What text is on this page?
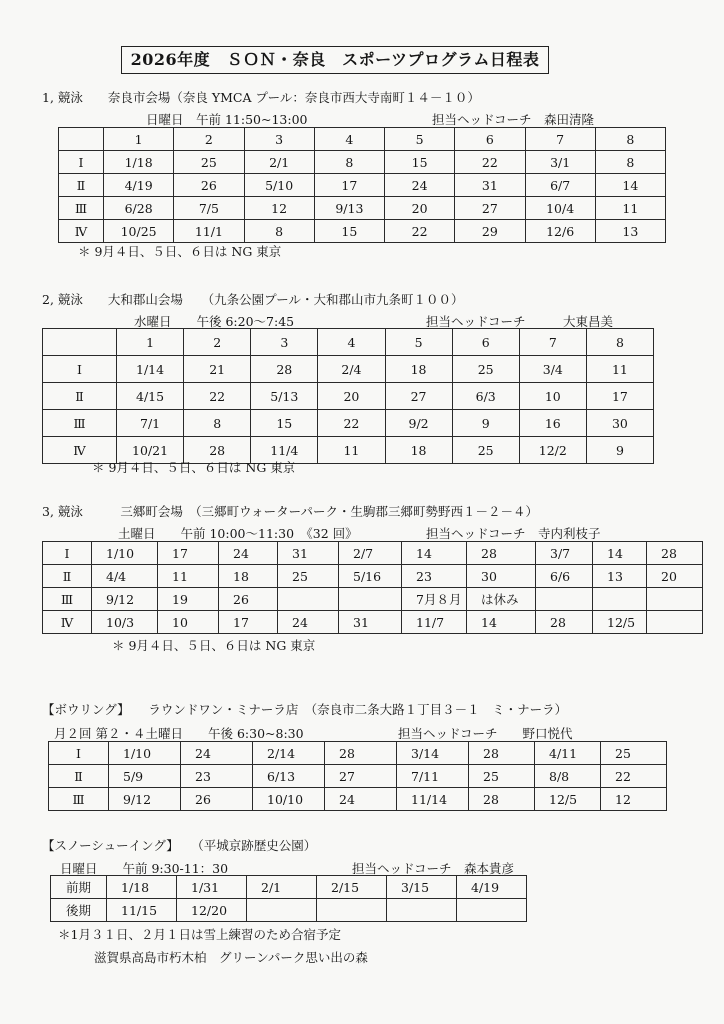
2026年度　ＳＯＮ・奈良　スポーツプログラム日程表
1, 競泳　　奈良市会場（奈良 YMCA プール：奈良市西大寺南町１４－１０）
日曜日　午前 11:50~13:00	担当ヘッドコーチ　森田清隆
	1	2	3	4	5	6	7	8
Ⅰ	1/18	25	2/1	8	15	22	3/1	8
Ⅱ	4/19	26	5/10	17	24	31	6/7	14
Ⅲ	6/28	7/5	12	9/13	20	27	10/4	11
Ⅳ	10/25	11/1	8	15	22	29	12/6	13
＊ 9月４日、５日、６日は NG 東京
2, 競泳　　大和郡山会場　　（九条公園プール・大和郡山市九条町１００）
水曜日　　午後 6:20～7:45	担当ヘッドコーチ　　　大東昌美
	1	2	3	4	5	6	7	8
Ⅰ	1/14	21	28	2/4	18	25	3/4	11
Ⅱ	4/15	22	5/13	20	27	6/3	10	17
Ⅲ	7/1	8	15	22	9/2	9	16	30
Ⅳ	10/21	28	11/4	11	18	25	12/2	9
＊ 9月４日、５日、６日は NG 東京
3, 競泳　　　三郷町会場　（三郷町ウォーターパーク・生駒郡三郷町勢野西１－２－４）
土曜日　　午前 10:00～11:30　《32 回》	担当ヘッドコーチ　寺内利枝子
Ⅰ	1/10	17	24	31	2/7	14	28	3/7	14	28
Ⅱ	4/4	11	18	25	5/16	23	30	6/6	13	20
Ⅲ	9/12	19	26			7月８月	は休み			
Ⅳ	10/3	10	17	24	31	11/7	14	28	12/5	
＊ 9月４日、５日、６日は NG 東京
【ボウリング】　　ラウンドワン・ミナーラ店　（奈良市二条大路１丁目３－１　ミ・ナーラ）
月２回 第２・４土曜日　　午後 6:30~8:30	担当ヘッドコーチ　　野口悦代
Ⅰ	1/10	24	2/14	28	3/14	28	4/11	25
Ⅱ	5/9	23	6/13	27	7/11	25	8/8	22
Ⅲ	9/12	26	10/10	24	11/14	28	12/5	12
【スノーシューイング】　　（平城京跡歴史公園）
日曜日　　午前 9:30-11：30	担当ヘッドコーチ　森本貴彦
前期	1/18	1/31	2/1	2/15	3/15	4/19
後期	11/15	12/20				
＊1月３１日、２月１日は雪上練習のため合宿予定
滋賀県高島市朽木柏　グリーンパーク思い出の森
